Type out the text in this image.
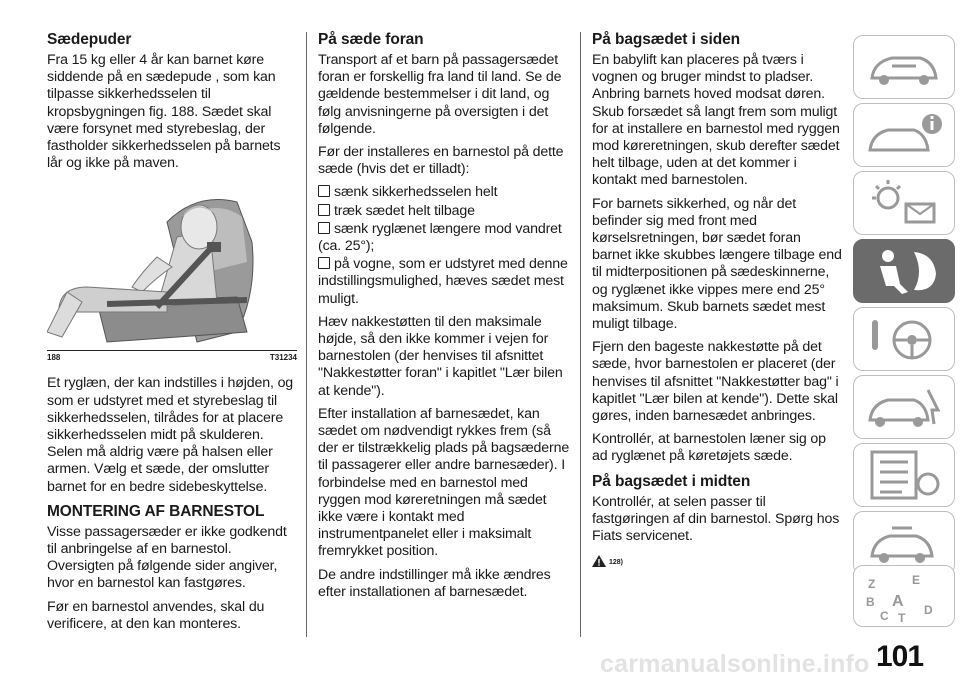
Sædepuder

Fra 15 kg eller 4 år kan barnet køre siddende på en sædepude , som kan tilpasse sikkerhedsselen til kropsbygningen fig. 188. Sædet skal være forsynet med styrebeslag, der fastholder sikkerhedsselen på barnets lår og ikke på maven.

188	T31234

Et ryglæn, der kan indstilles i højden, og som er udstyret med et styrebeslag til sikkerhedsselen, tilrådes for at placere sikkerhedsselen midt på skulderen. Selen må aldrig være på halsen eller armen. Vælg et sæde, der omslutter barnet for en bedre sidebeskyttelse.

MONTERING AF BARNESTOL

Visse passagersæder er ikke godkendt til anbringelse af en barnestol. Oversigten på følgende sider angiver, hvor en barnestol kan fastgøres.

Før en barnestol anvendes, skal du verificere, at den kan monteres.

På sæde foran

Transport af et barn på passagersædet foran er forskellig fra land til land. Se de gældende bestemmelser i dit land, og følg anvisningerne på oversigten i det følgende.

Før der installeres en barnestol på dette sæde (hvis det er tilladt):

sænk sikkerhedsselen helt
træk sædet helt tilbage
sænk ryglænet længere mod vandret (ca. 25°);
på vogne, som er udstyret med denne indstillingsmulighed, hæves sædet mest muligt.

Hæv nakkestøtten til den maksimale højde, så den ikke kommer i vejen for barnestolen (der henvises til afsnittet "Nakkestøtter foran" i kapitlet "Lær bilen at kende").

Efter installation af barnesædet, kan sædet om nødvendigt rykkes frem (så der er tilstrækkelig plads på bagsæderne til passagerer eller andre barnesæder). I forbindelse med en barnestol med ryggen mod køreretningen må sædet ikke være i kontakt med instrumentpanelet eller i maksimalt fremrykket position.

De andre indstillinger må ikke ændres efter installationen af barnesædet.

På bagsædet i siden

En babylift kan placeres på tværs i vognen og bruger mindst to pladser. Anbring barnets hoved modsat døren. Skub forsædet så langt frem som muligt for at installere en barnestol med ryggen mod køreretningen, skub derefter sædet helt tilbage, uden at det kommer i kontakt med barnestolen.

For barnets sikkerhed, og når det befinder sig med front med kørselsretningen, bør sædet foran barnet ikke skubbes længere tilbage end til midterpositionen på sædeskinnerne, og ryglænet ikke vippes mere end 25° maksimum. Skub barnets sædet mest muligt tilbage.

Fjern den bageste nakkestøtte på det sæde, hvor barnestolen er placeret (der henvises til afsnittet "Nakkestøtter bag" i kapitlet "Lær bilen at kende"). Dette skal gøres, inden barnesædet anbringes.

Kontrollér, at barnestolen læner sig op ad ryglænet på køretøjets sæde.

På bagsædet i midten

Kontrollér, at selen passer til fastgøringen af din barnestol. Spørg hos Fiats servicenet.

128)
Z	E
B A D
C T
101
carmanualsonline.info
